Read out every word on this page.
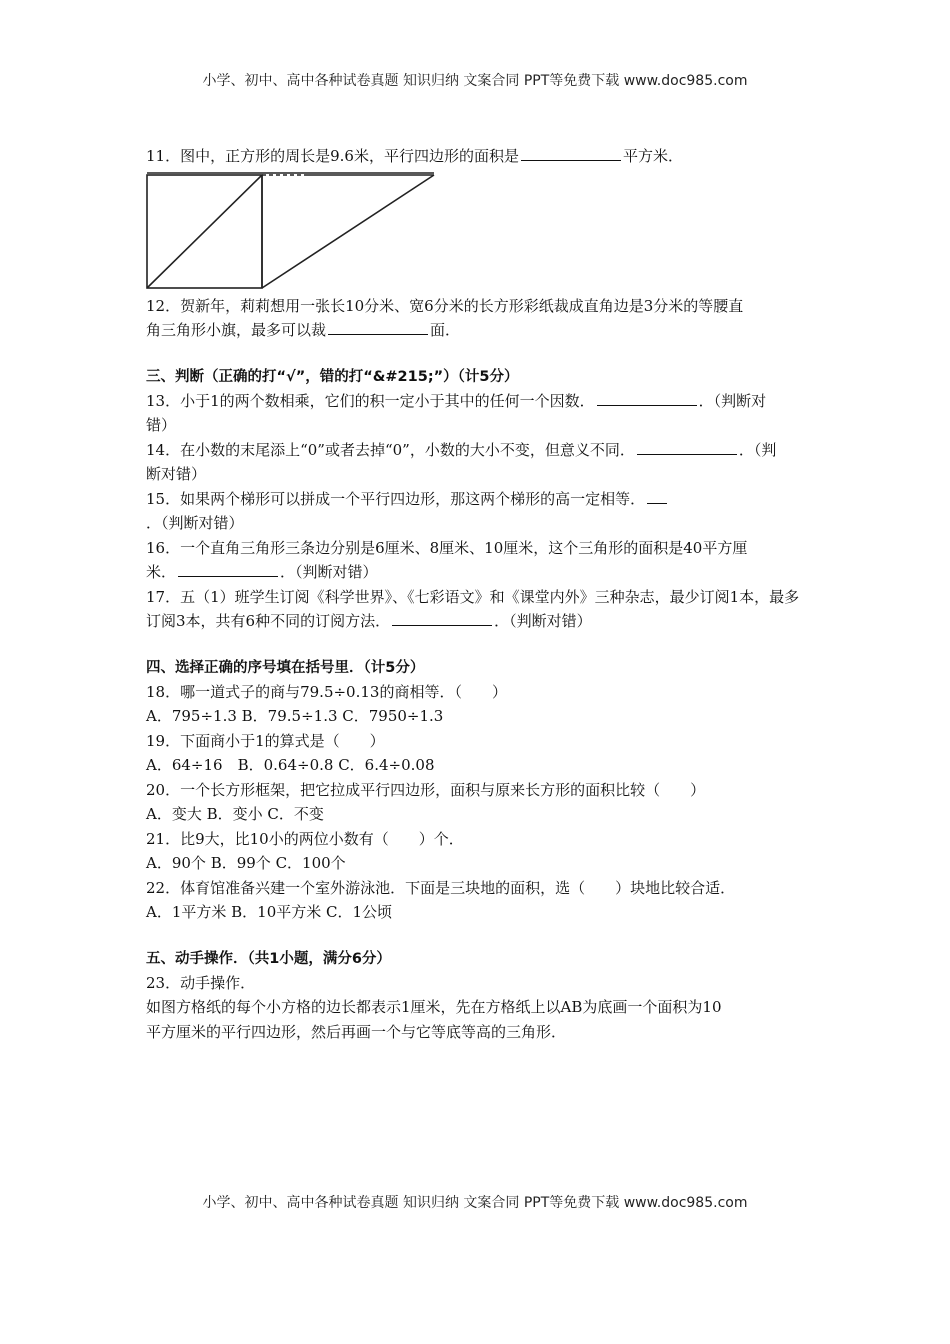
小学、初中、高中各种试卷真题 知识归纳 文案合同 PPT等免费下载 www.doc985.com
11．图中，正方形的周长是9.6米，平行四边形的面积是	平方米．
12．贺新年，莉莉想用一张长10分米、宽6分米的长方形彩纸裁成直角边是3分米的等腰直
角三角形小旗，最多可以裁	面．
三、判断（正确的打“√”，错的打“&#215;”）（计5分）
13．小于1的两个数相乘，它们的积一定小于其中的任何一个因数．	．（判断对
错）
14．在小数的末尾添上“0”或者去掉“0”，小数的大小不变，但意义不同．	．（判
断对错）
15．如果两个梯形可以拼成一个平行四边形，那这两个梯形的高一定相等．
．（判断对错）
16．一个直角三角形三条边分别是6厘米、8厘米、10厘米，这个三角形的面积是40平方厘
米．	．（判断对错）
17．五（1）班学生订阅《科学世界》、《七彩语文》和《课堂内外》三种杂志，最少订阅1本，最多
订阅3本，共有6种不同的订阅方法．	．（判断对错）
四、选择正确的序号填在括号里．（计5分）
18．哪一道式子的商与79.5÷0.13的商相等．（　　）
A．795÷1.3 B．79.5÷1.3 C．7950÷1.3
19．下面商小于1的算式是（　　）
A．64÷16　B．0.64÷0.8 C．6.4÷0.08
20．一个长方形框架，把它拉成平行四边形，面积与原来长方形的面积比较（　　）
A．变大 B．变小 C．不变
21．比9大，比10小的两位小数有（　　）个．
A．90个 B．99个 C．100个
22．体育馆准备兴建一个室外游泳池．下面是三块地的面积，选（　　）块地比较合适．
A．1平方米 B．10平方米 C．1公顷
五、动手操作．（共1小题，满分6分）
23．动手操作．
如图方格纸的每个小方格的边长都表示1厘米，先在方格纸上以AB为底画一个面积为10
平方厘米的平行四边形，然后再画一个与它等底等高的三角形．
小学、初中、高中各种试卷真题 知识归纳 文案合同 PPT等免费下载 www.doc985.com
